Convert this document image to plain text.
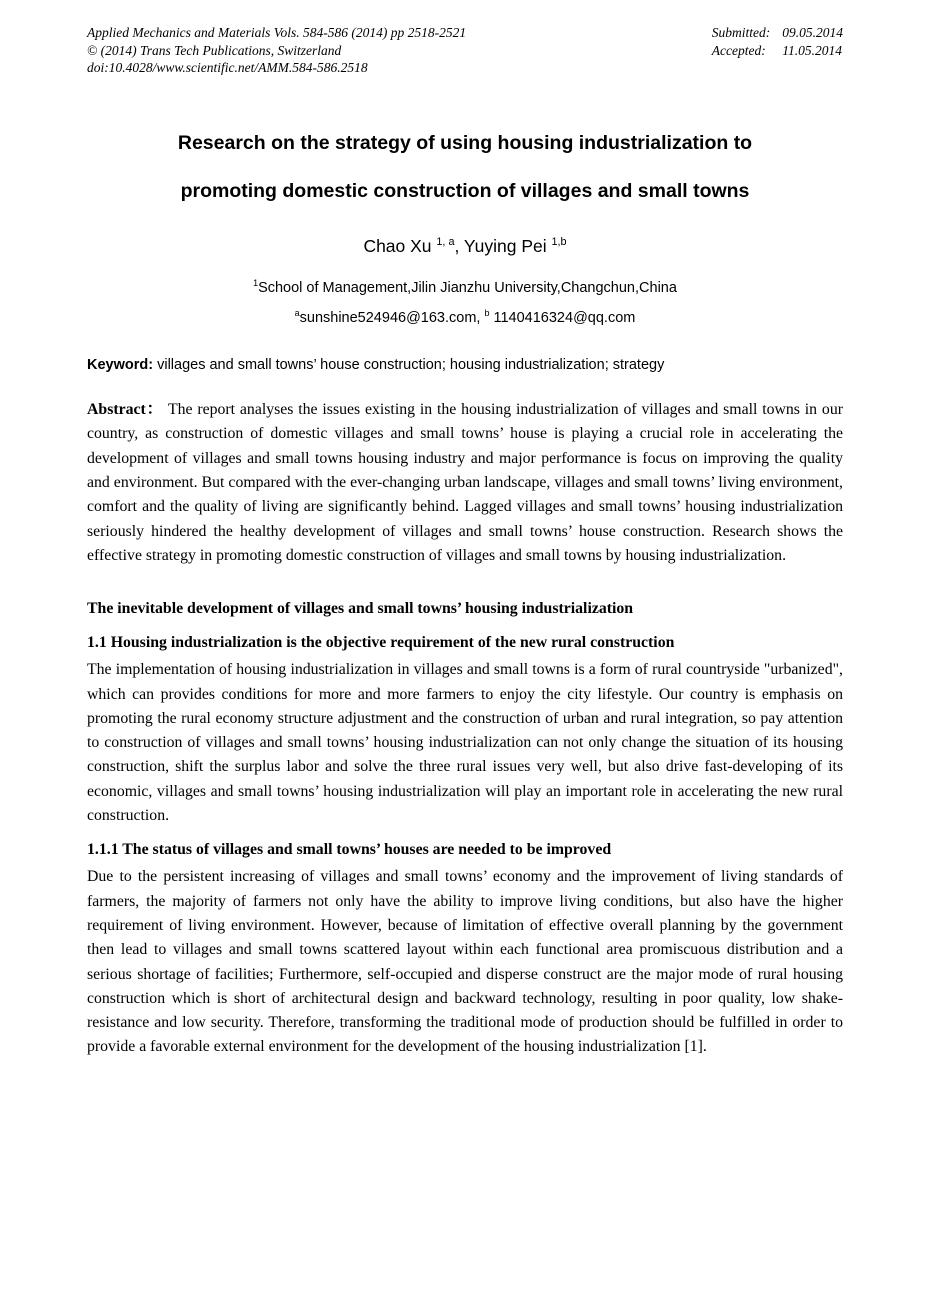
Applied Mechanics and Materials Vols. 584-586 (2014) pp 2518-2521
© (2014) Trans Tech Publications, Switzerland
doi:10.4028/www.scientific.net/AMM.584-586.2518
Submitted: 09.05.2014
Accepted:	11.05.2014
Research on the strategy of using housing industrialization to
promoting domestic construction of villages and small towns
Chao Xu $^{1, a}$, Yuying Pei $^{1,b}$
$^1$School of Management,Jilin Jianzhu University,Changchun,China
$^a$sunshine524946@163.com, $^b$ 1140416324@qq.com
Keyword: villages and small towns’ house construction; housing industrialization; strategy
Abstract： The report analyses the issues existing in the housing industrialization of villages and small towns in our country, as construction of domestic villages and small towns’ house is playing a crucial role in accelerating the development of villages and small towns housing industry and major performance is focus on improving the quality and environment. But compared with the ever-changing urban landscape, villages and small towns’ living environment, comfort and the quality of living are significantly behind. Lagged villages and small towns’ housing industrialization seriously hindered the healthy development of villages and small towns’ house construction. Research shows the effective strategy in promoting domestic construction of villages and small towns by housing industrialization.
The inevitable development of villages and small towns’ housing industrialization
1.1 Housing industrialization is the objective requirement of the new rural construction
The implementation of housing industrialization in villages and small towns is a form of rural countryside "urbanized", which can provides conditions for more and more farmers to enjoy the city lifestyle. Our country is emphasis on promoting the rural economy structure adjustment and the construction of urban and rural integration, so pay attention to construction of villages and small towns’ housing industrialization can not only change the situation of its housing construction, shift the surplus labor and solve the three rural issues very well, but also drive fast-developing of its economic, villages and small towns’ housing industrialization will play an important role in accelerating the new rural construction.
1.1.1 The status of villages and small towns’ houses are needed to be improved
Due to the persistent increasing of villages and small towns’ economy and the improvement of living standards of farmers, the majority of farmers not only have the ability to improve living conditions, but also have the higher requirement of living environment. However, because of limitation of effective overall planning by the government then lead to villages and small towns scattered layout within each functional area promiscuous distribution and a serious shortage of facilities; Furthermore, self-occupied and disperse construct are the major mode of rural housing construction which is short of architectural design and backward technology, resulting in poor quality, low shake-resistance and low security. Therefore, transforming the traditional mode of production should be fulfilled in order to provide a favorable external environment for the development of the housing industrialization [1].
